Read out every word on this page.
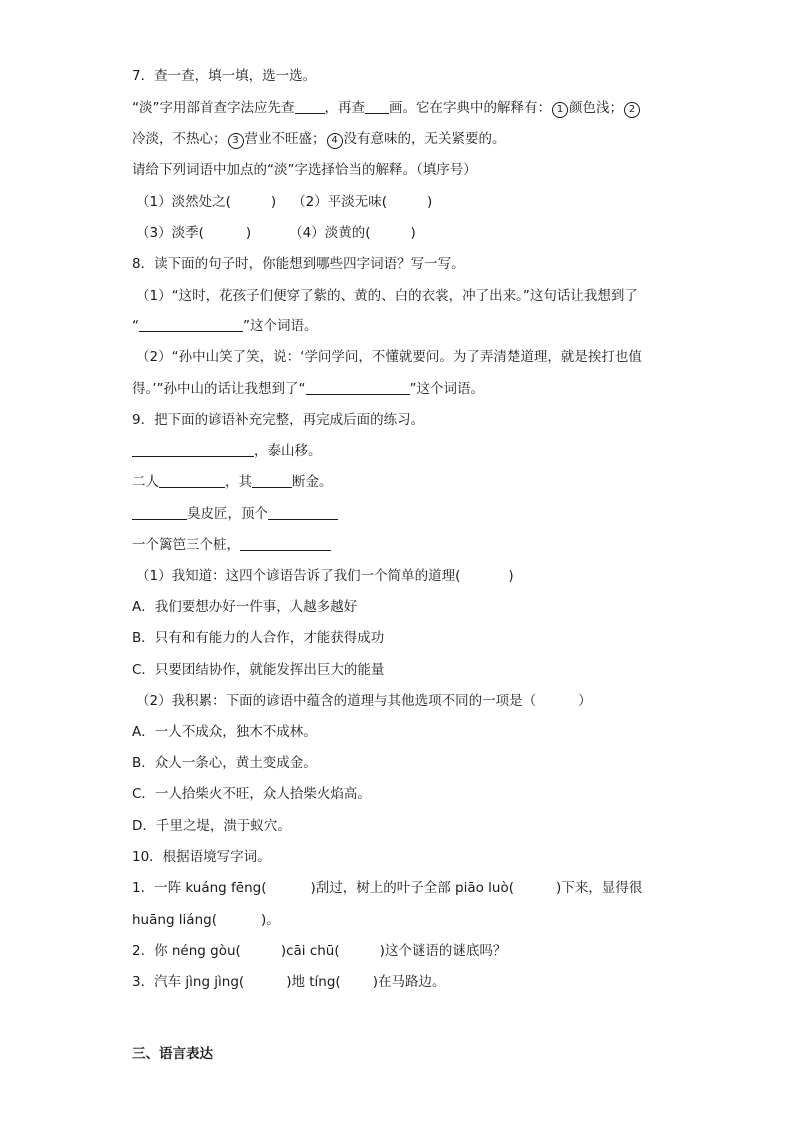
7．查一查，填一填，选一选。
“淡”字用部首查字法应先查 ，再查 画。它在字典中的解释有： 1 颜色浅； 2
冷淡，不热心； 3 营业不旺盛； 4 没有意味的，无关紧要的。
请给下列词语中加点的“淡”字选择恰当的解释。（填序号）
（1）淡然处之(	) （2）平淡无味(	)
（3）淡季(	)	（4）淡黄的(	)
8．读下面的句子时，你能想到哪些四字词语？写一写。
（1）“这时，花孩子们便穿了紫的、黄的、白的衣裳，冲了出来。”这句话让我想到了
“	”这个词语。
（2）“孙中山笑了笑，说：‘学问学问，不懂就要问。为了弄清楚道理，就是挨打也值
得。’”孙中山的话让我想到了“	”这个词语。
9．把下面的谚语补充完整，再完成后面的练习。
，泰山移。
二人	，其	断金。
臭皮匠，顶个
一个篱笆三个桩，
（1）我知道：这四个谚语告诉了我们一个简单的道理(	)
A．我们要想办好一件事，人越多越好
B．只有和有能力的人合作，才能获得成功
C．只要团结协作，就能发挥出巨大的能量
（2）我积累：下面的谚语中蕴含的道理与其他选项不同的一项是（	）
A．一人不成众，独木不成林。
B．众人一条心，黄土变成金。
C．一人拾柴火不旺，众人拾柴火焰高。
D．千里之堤，溃于蚁穴。
10．根据语境写字词。
1．一阵 kuáng fēng(	)刮过，树上的叶子全部 piāo luò(	)下来，显得很
huāng liáng(	)。
2．你 néng gòu(	)cāi chū(	)这个谜语的谜底吗？
3．汽车 jìng jìng(	)地 tíng( )在马路边。
三、语言表达
